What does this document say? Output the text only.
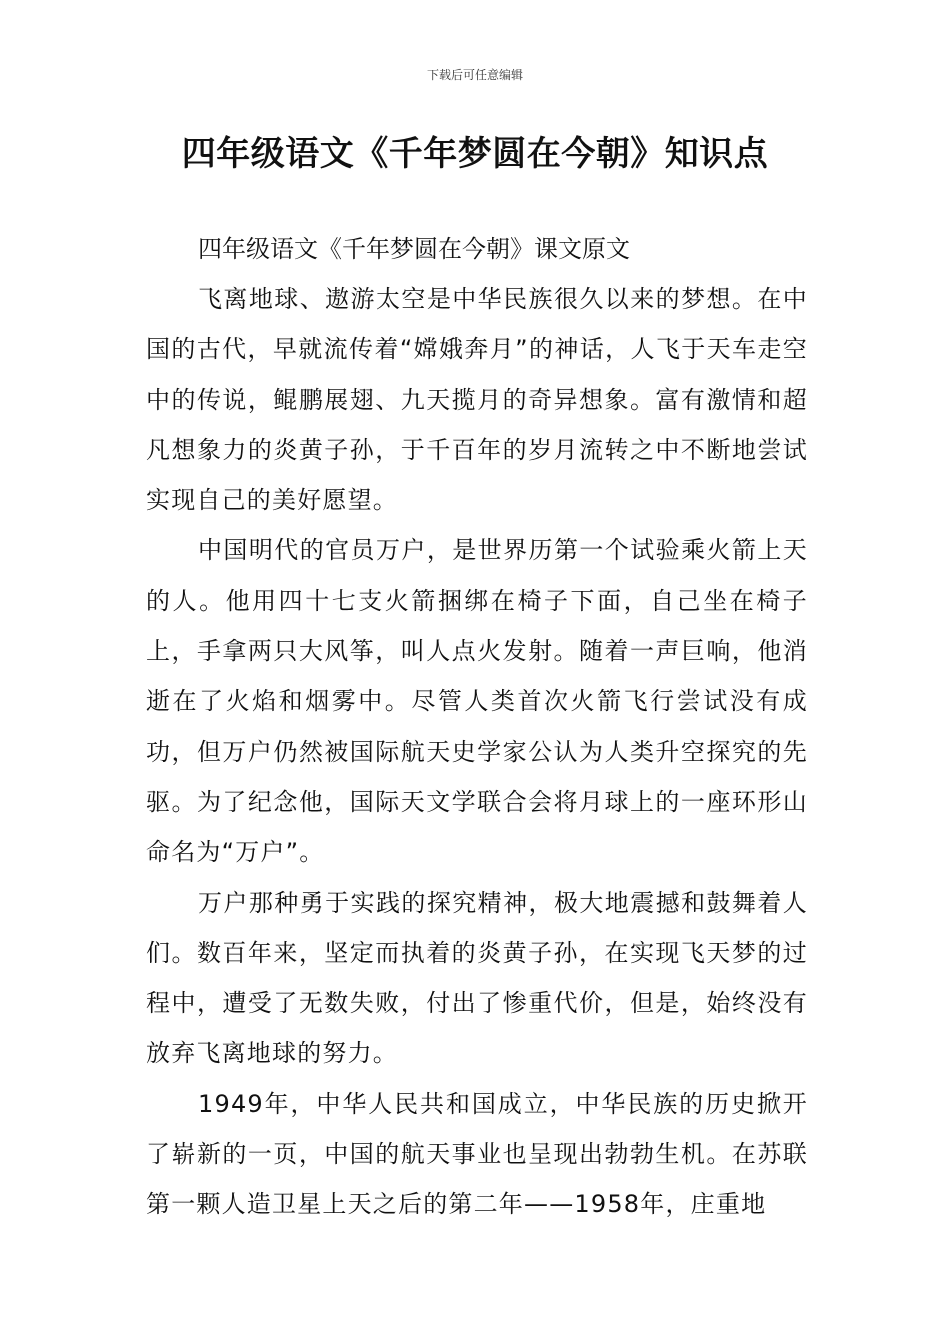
下载后可任意编辑
四年级语文《千年梦圆在今朝》知识点

四年级语文《千年梦圆在今朝》课文原文

飞离地球、遨游太空是中华民族很久以来的梦想。在中国的古代，早就流传着“嫦娥奔月”的神话，人飞于天车走空中的传说，鲲鹏展翅、九天揽月的奇异想象。富有激情和超凡想象力的炎黄子孙，于千百年的岁月流转之中不断地尝试实现自己的美好愿望。

中国明代的官员万户，是世界历第一个试验乘火箭上天的人。他用四十七支火箭捆绑在椅子下面，自己坐在椅子上，手拿两只大风筝，叫人点火发射。随着一声巨响，他消逝在了火焰和烟雾中。尽管人类首次火箭飞行尝试没有成功，但万户仍然被国际航天史学家公认为人类升空探究的先驱。为了纪念他，国际天文学联合会将月球上的一座环形山命名为“万户”。

万户那种勇于实践的探究精神，极大地震撼和鼓舞着人们。数百年来，坚定而执着的炎黄子孙，在实现飞天梦的过程中，遭受了无数失败，付出了惨重代价，但是，始终没有放弃飞离地球的努力。

1949年，中华人民共和国成立，中华民族的历史掀开了崭新的一页，中国的航天事业也呈现出勃勃生机。在苏联第一颗人造卫星上天之后的第二年——1958年，庄重地
